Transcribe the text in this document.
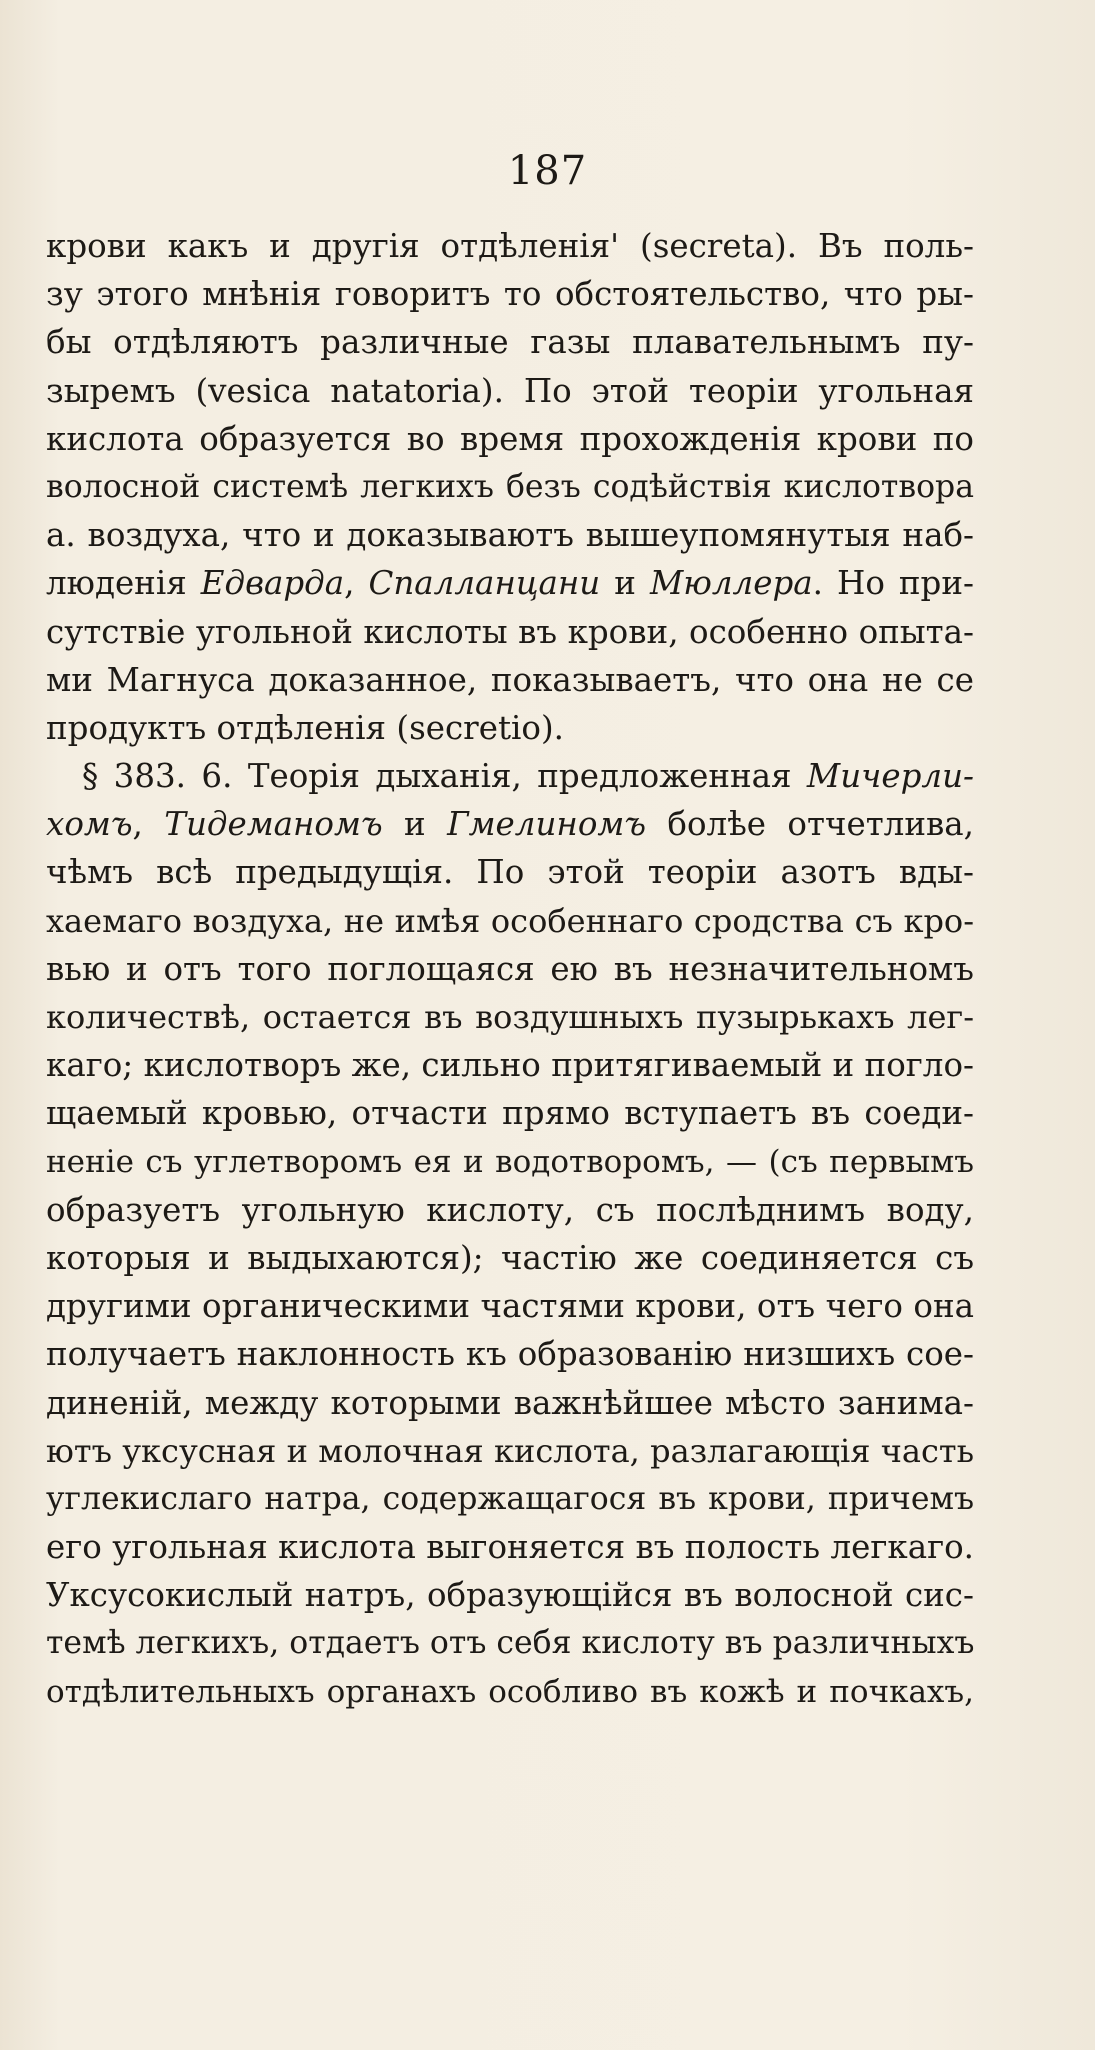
187
крови какъ и другія отдѣленія' (secreta). Въ поль-
зу этого мнѣнія говоритъ то обстоятельство, что ры-
бы отдѣляютъ различные газы плавательнымъ пу-
зыремъ (vesica natatoria). По этой теоріи угольная
кислота образуется во время прохожденія крови по
волосной системѣ легкихъ безъ содѣйствія кислотвора
а. воздуха, что и доказываютъ вышеупомянутыя наб-
люденія Едварда, Спалланцани и Мюллера. Но при-
сутствіе угольной кислоты въ крови, особенно опыта-
ми Магнуса доказанное, показываетъ, что она не се
продуктъ отдѣленія (secretio).
§ 383. 6. Теорія дыханія, предложенная Мичерли-
хомъ, Тидеманомъ и Гмелиномъ болѣе отчетлива,
чѣмъ всѣ предыдущія. По этой теоріи азотъ вды-
хаемаго воздуха, не имѣя особеннаго сродства съ кро-
вью и отъ того поглощаяся ею въ незначительномъ
количествѣ, остается въ воздушныхъ пузырькахъ лег-
каго; кислотворъ же, сильно притягиваемый и погло-
щаемый кровью, отчасти прямо вступаетъ въ соеди-
неніе съ углетворомъ ея и водотворомъ, — (съ первымъ
образуетъ угольную кислоту, съ послѣднимъ воду,
которыя и выдыхаются); частію же соединяется съ
другими органическими частями крови, отъ чего она
получаетъ наклонность къ образованію низшихъ сое-
диненій, между которыми важнѣйшее мѣсто занима-
ютъ уксусная и молочная кислота, разлагающія часть
углекислаго натра, содержащагося въ крови, причемъ
его угольная кислота выгоняется въ полость легкаго.
Уксусокислый натръ, образующійся въ волосной сис-
темѣ легкихъ, отдаетъ отъ себя кислоту въ различныхъ
отдѣлительныхъ органахъ особливо въ кожѣ и почкахъ,
